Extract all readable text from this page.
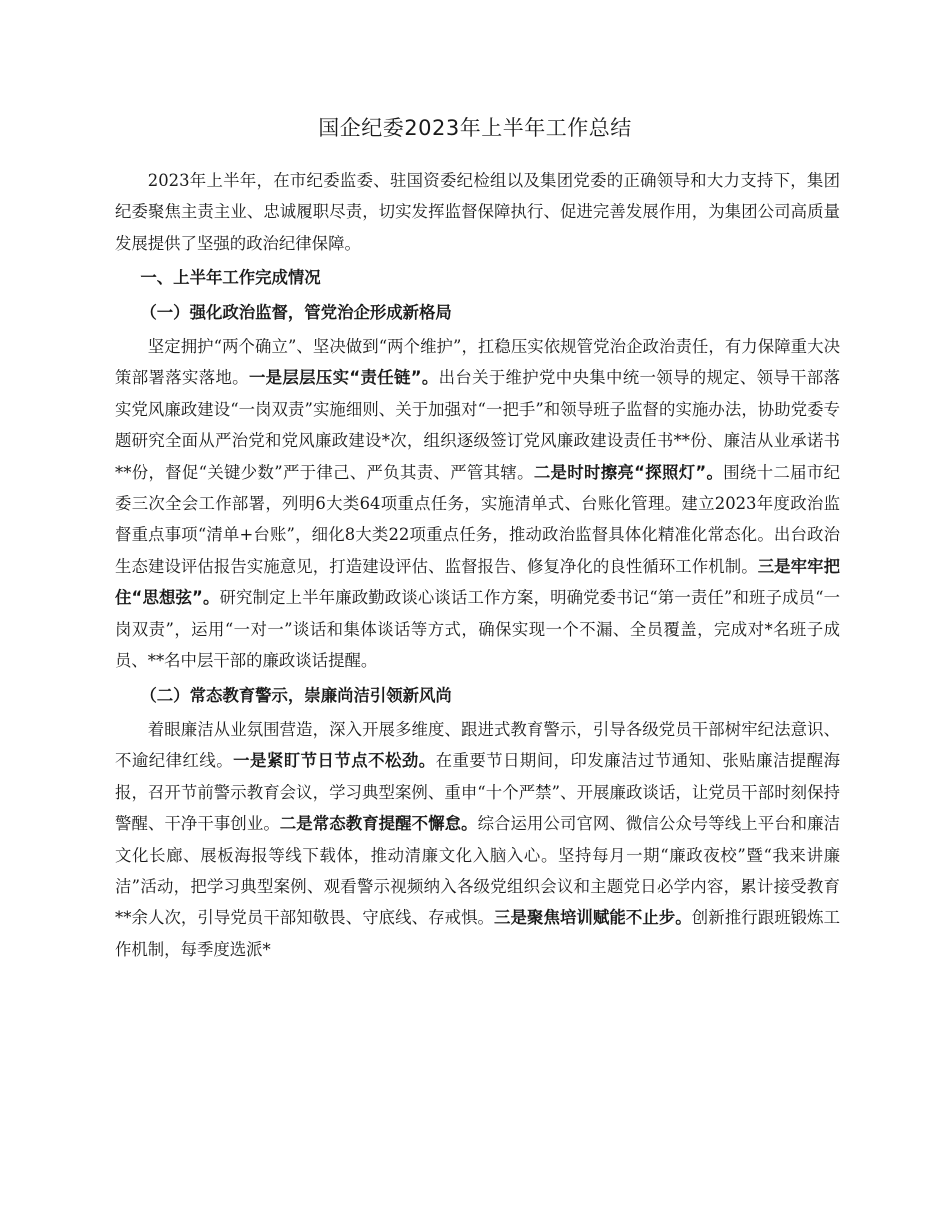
国企纪委2023年上半年工作总结

2023年上半年，在市纪委监委、驻国资委纪检组以及集团党委的正确领导和大力支持下，集团纪委聚焦主责主业、忠诚履职尽责，切实发挥监督保障执行、促进完善发展作用，为集团公司高质量发展提供了坚强的政治纪律保障。

一、上半年工作完成情况

（一）强化政治监督，管党治企形成新格局

坚定拥护“两个确立”、坚决做到“两个维护”，扛稳压实依规管党治企政治责任，有力保障重大决策部署落实落地。一是层层压实“责任链”。出台关于维护党中央集中统一领导的规定、领导干部落实党风廉政建设“一岗双责”实施细则、关于加强对“一把手”和领导班子监督的实施办法，协助党委专题研究全面从严治党和党风廉政建设*次，组织逐级签订党风廉政建设责任书**份、廉洁从业承诺书**份，督促“关键少数”严于律己、严负其责、严管其辖。二是时时擦亮“探照灯”。围绕十二届市纪委三次全会工作部署，列明6大类64项重点任务，实施清单式、台账化管理。建立2023年度政治监督重点事项“清单+台账”，细化8大类22项重点任务，推动政治监督具体化精准化常态化。出台政治生态建设评估报告实施意见，打造建设评估、监督报告、修复净化的良性循环工作机制。三是牢牢把住“思想弦”。研究制定上半年廉政勤政谈心谈话工作方案，明确党委书记“第一责任”和班子成员“一岗双责”，运用“一对一”谈话和集体谈话等方式，确保实现一个不漏、全员覆盖，完成对*名班子成员、**名中层干部的廉政谈话提醒。

（二）常态教育警示，崇廉尚洁引领新风尚

着眼廉洁从业氛围营造，深入开展多维度、跟进式教育警示，引导各级党员干部树牢纪法意识、不逾纪律红线。一是紧盯节日节点不松劲。在重要节日期间，印发廉洁过节通知、张贴廉洁提醒海报，召开节前警示教育会议，学习典型案例、重申“十个严禁”、开展廉政谈话，让党员干部时刻保持警醒、干净干事创业。二是常态教育提醒不懈怠。综合运用公司官网、微信公众号等线上平台和廉洁文化长廊、展板海报等线下载体，推动清廉文化入脑入心。坚持每月一期“廉政夜校”暨“我来讲廉洁”活动，把学习典型案例、观看警示视频纳入各级党组织会议和主题党日必学内容，累计接受教育**余人次，引导党员干部知敬畏、守底线、存戒惧。三是聚焦培训赋能不止步。创新推行跟班锻炼工作机制，每季度选派*
